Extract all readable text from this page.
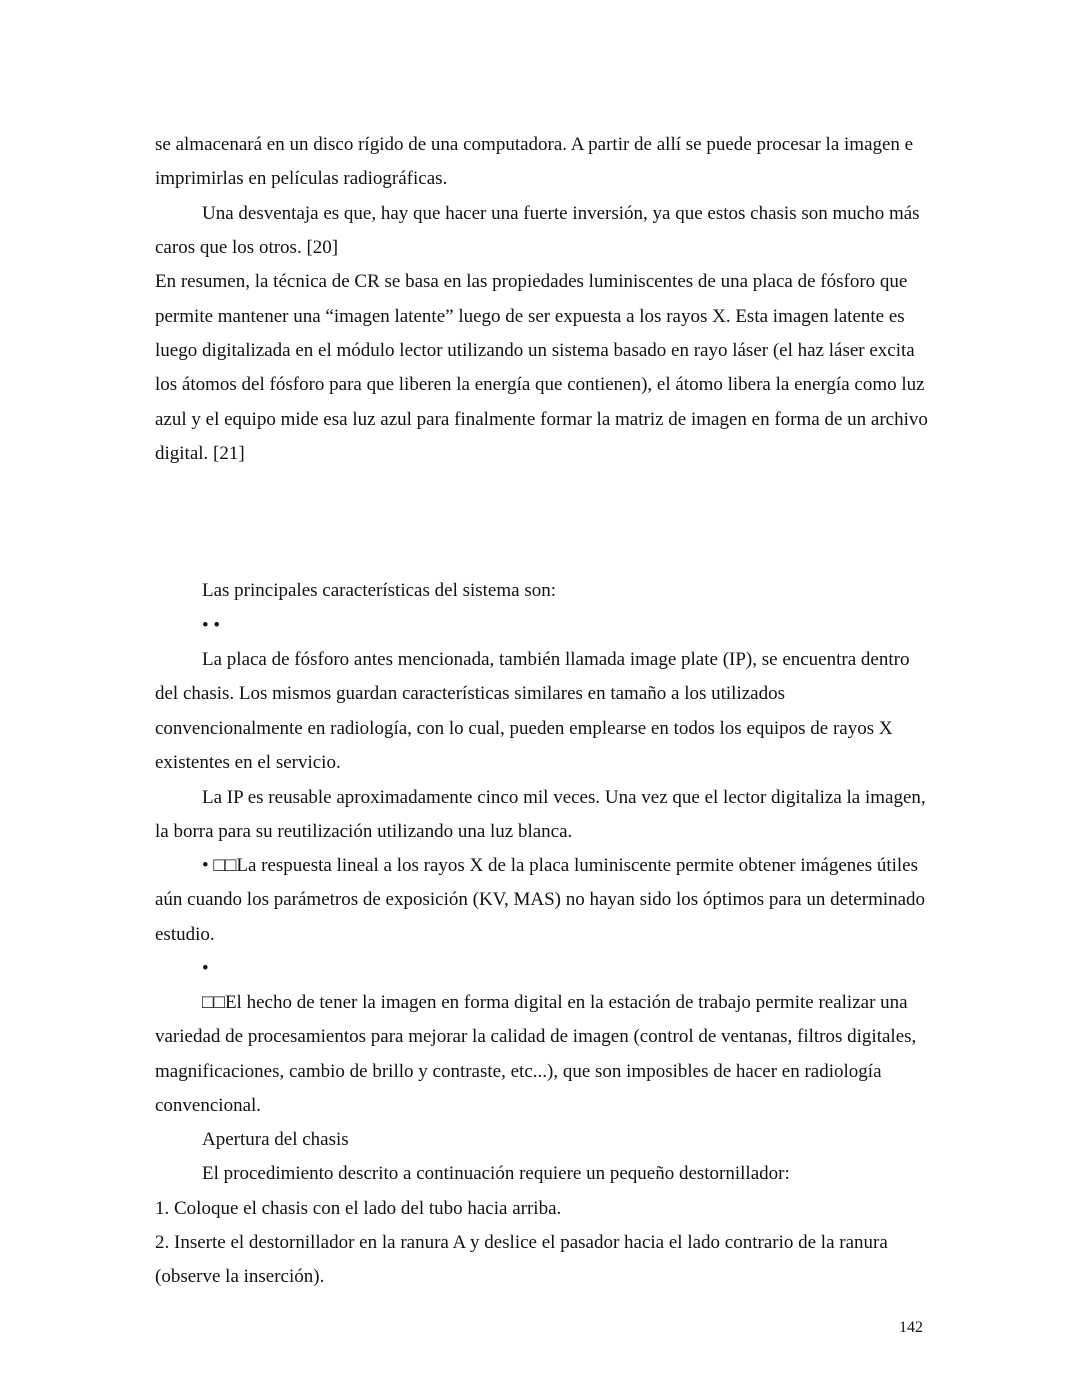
se almacenará en un disco rígido de una computadora. A partir de allí se puede procesar la imagen e

imprimirlas en películas radiográficas.

Una desventaja es que, hay que hacer una fuerte inversión, ya que estos chasis son mucho más

caros que los otros. [20]

En resumen, la técnica de CR se basa en las propiedades luminiscentes de una placa de fósforo que

permite mantener una “imagen latente” luego de ser expuesta a los rayos X. Esta imagen latente es

luego digitalizada en el módulo lector utilizando un sistema basado en rayo láser (el haz láser excita

los átomos del fósforo para que liberen la energía que contienen), el átomo libera la energía como luz

azul y el equipo mide esa luz azul para finalmente formar la matriz de imagen en forma de un archivo

digital. [21]

Las principales características del sistema son:

• •

La placa de fósforo antes mencionada, también llamada image plate (IP), se encuentra dentro

del chasis. Los mismos guardan características similares en tamaño a los utilizados

convencionalmente en radiología, con lo cual, pueden emplearse en todos los equipos de rayos X

existentes en el servicio.

La IP es reusable aproximadamente cinco mil veces. Una vez que el lector digitaliza la imagen,

la borra para su reutilización utilizando una luz blanca.

• □□La respuesta lineal a los rayos X de la placa luminiscente permite obtener imágenes útiles

aún cuando los parámetros de exposición (KV, MAS) no hayan sido los óptimos para un determinado

estudio.

•

□□El hecho de tener la imagen en forma digital en la estación de trabajo permite realizar una

variedad de procesamientos para mejorar la calidad de imagen (control de ventanas, filtros digitales,

magnificaciones, cambio de brillo y contraste, etc...), que son imposibles de hacer en radiología

convencional.

Apertura del chasis

El procedimiento descrito a continuación requiere un pequeño destornillador:

1. Coloque el chasis con el lado del tubo hacia arriba.

2. Inserte el destornillador en la ranura A y deslice el pasador hacia el lado contrario de la ranura

(observe la inserción).

142
